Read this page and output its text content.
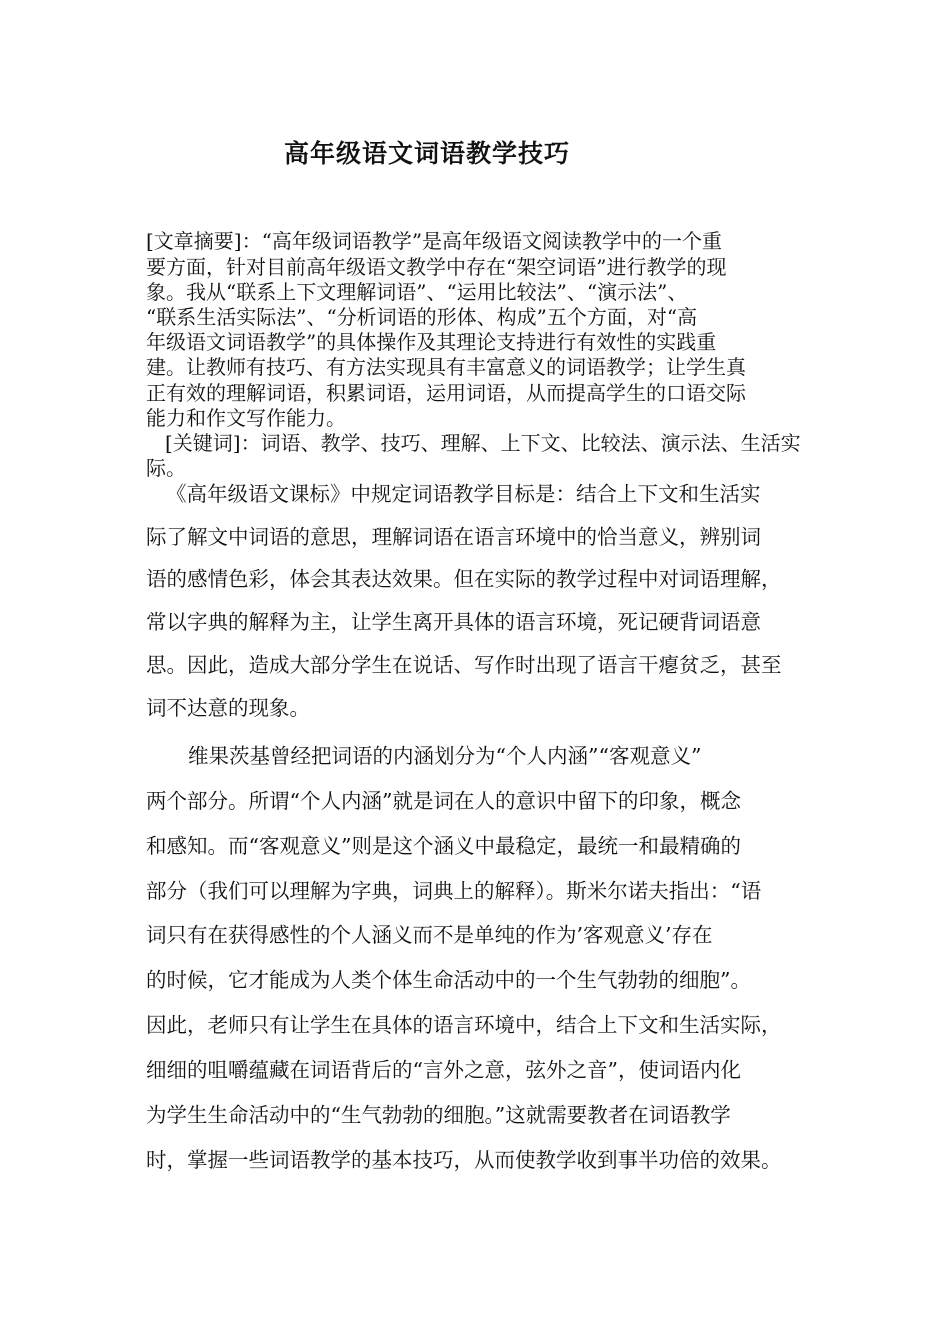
高年级语文词语教学技巧
[文章摘要]：“高年级词语教学”是高年级语文阅读教学中的一个重
要方面，针对目前高年级语文教学中存在“架空词语”进行教学的现
象。我从“联系上下文理解词语”、“运用比较法”、“演示法”、
“联系生活实际法”、“分析词语的形体、构成”五个方面，对“高
年级语文词语教学”的具体操作及其理论支持进行有效性的实践重
建。让教师有技巧、有方法实现具有丰富意义的词语教学；让学生真
正有效的理解词语，积累词语，运用词语，从而提高学生的口语交际
能力和作文写作能力。
[关键词]：词语、教学、技巧、理解、上下文、比较法、演示法、生活实
际。
《高年级语文课标》中规定词语教学目标是：结合上下文和生活实
际了解文中词语的意思，理解词语在语言环境中的恰当意义，辨别词
语的感情色彩，体会其表达效果。但在实际的教学过程中对词语理解，
常以字典的解释为主，让学生离开具体的语言环境，死记硬背词语意
思。因此，造成大部分学生在说话、写作时出现了语言干瘪贫乏，甚至
词不达意的现象。
维果茨基曾经把词语的内涵划分为“个人内涵”“客观意义”
两个部分。所谓“个人内涵”就是词在人的意识中留下的印象，概念
和感知。而“客观意义”则是这个涵义中最稳定，最统一和最精确的
部分（我们可以理解为字典，词典上的解释）。斯米尔诺夫指出：“语
词只有在获得感性的个人涵义而不是单纯的作为’客观意义’存在
的时候，它才能成为人类个体生命活动中的一个生气勃勃的细胞”。
因此，老师只有让学生在具体的语言环境中，结合上下文和生活实际，
细细的咀嚼蕴藏在词语背后的“言外之意，弦外之音”，使词语内化
为学生生命活动中的“生气勃勃的细胞。”这就需要教者在词语教学
时，掌握一些词语教学的基本技巧，从而使教学收到事半功倍的效果。
